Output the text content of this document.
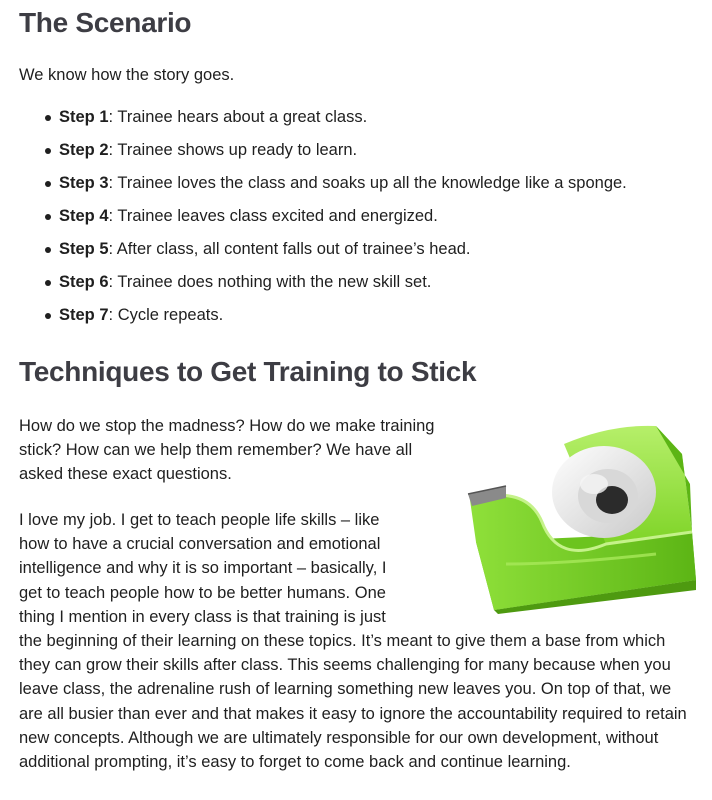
The Scenario

We know how the story goes.

Step 1: Trainee hears about a great class.
Step 2: Trainee shows up ready to learn.
Step 3: Trainee loves the class and soaks up all the knowledge like a sponge.
Step 4: Trainee leaves class excited and energized.
Step 5: After class, all content falls out of trainee’s head.
Step 6: Trainee does nothing with the new skill set.
Step 7: Cycle repeats.
Techniques to Get Training to Stick

How do we stop the madness? How do we make training stick? How can we help them remember? We have all asked these exact questions.

I love my job. I get to teach people life skills – like how to have a crucial conversation and emotional intelligence and why it is so important – basically, I get to teach people how to be better humans. One thing I mention in every class is that training is just the beginning of their learning on these topics. It’s meant to give them a base from which they can grow their skills after class. This seems challenging for many because when you leave class, the adrenaline rush of learning something new leaves you. On top of that, we are all busier than ever and that makes it easy to ignore the accountability required to retain new concepts. Although we are ultimately responsible for our own development, without additional prompting, it’s easy to forget to come back and continue learning.
